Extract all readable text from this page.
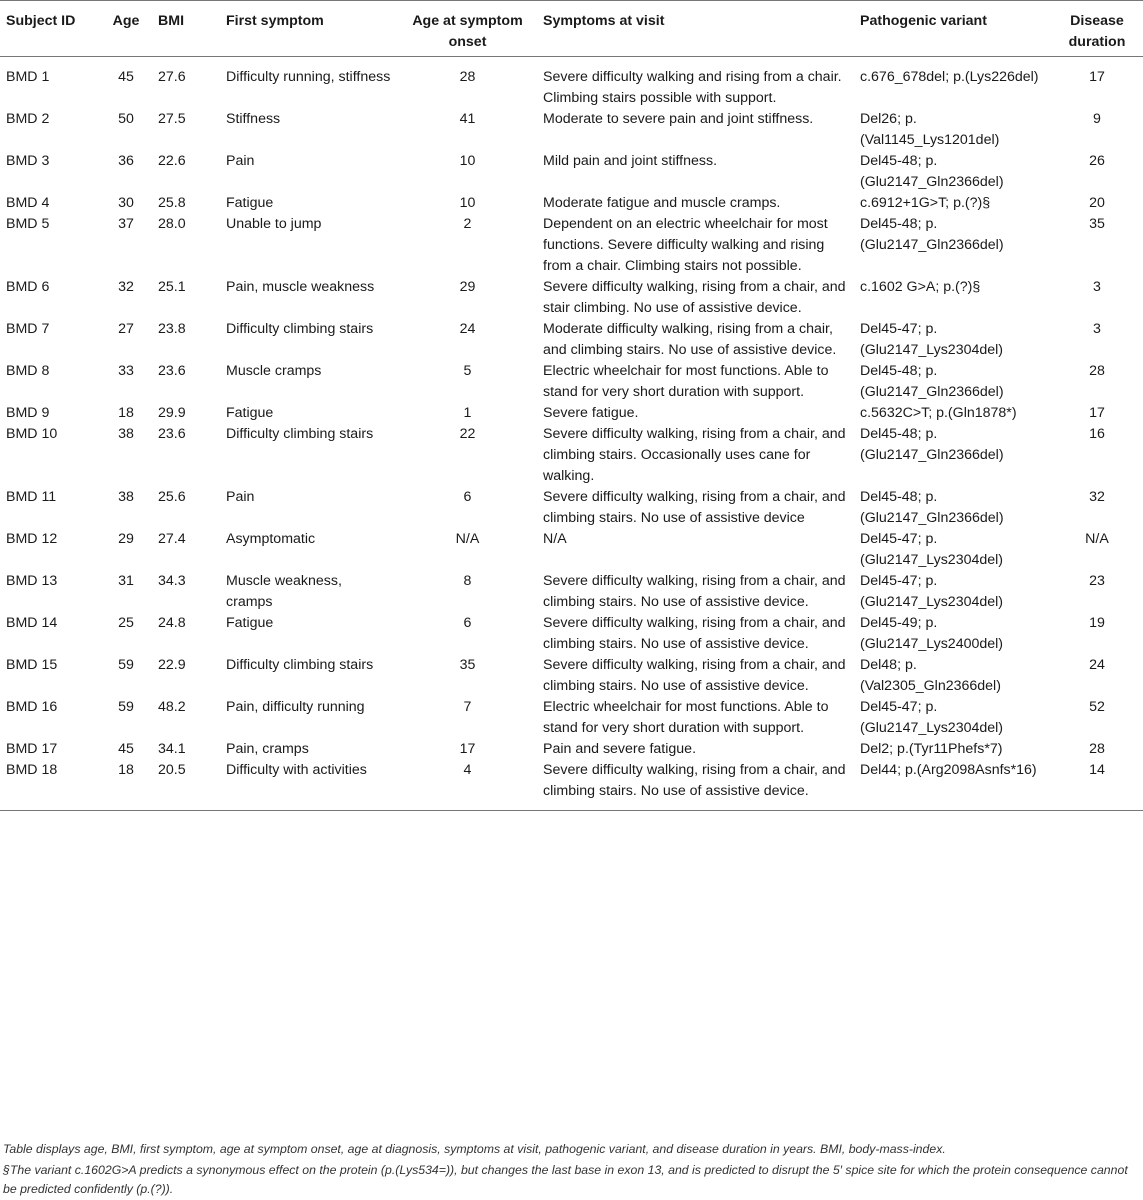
Subject ID	Age	BMI	First symptom	Age at symptom onset	Symptoms at visit	Pathogenic variant	Disease duration
BMD 1	45	27.6	Difficulty running, stiffness	28	Severe difficulty walking and rising from a chair. Climbing stairs possible with support.	c.676_678del; p.(Lys226del)	17
BMD 2	50	27.5	Stiffness	41	Moderate to severe pain and joint stiffness.	Del26; p.(Val1145_Lys1201del)	9
BMD 3	36	22.6	Pain	10	Mild pain and joint stiffness.	Del45-48; p.(Glu2147_Gln2366del)	26
BMD 4	30	25.8	Fatigue	10	Moderate fatigue and muscle cramps.	c.6912+1G>T; p.(?)§	20
BMD 5	37	28.0	Unable to jump	2	Dependent on an electric wheelchair for most functions. Severe difficulty walking and rising from a chair. Climbing stairs not possible.	Del45-48; p.(Glu2147_Gln2366del)	35
BMD 6	32	25.1	Pain, muscle weakness	29	Severe difficulty walking, rising from a chair, and stair climbing. No use of assistive device.	c.1602 G>A; p.(?)§	3
BMD 7	27	23.8	Difficulty climbing stairs	24	Moderate difficulty walking, rising from a chair, and climbing stairs. No use of assistive device.	Del45-47; p.(Glu2147_Lys2304del)	3
BMD 8	33	23.6	Muscle cramps	5	Electric wheelchair for most functions. Able to stand for very short duration with support.	Del45-48; p.(Glu2147_Gln2366del)	28
BMD 9	18	29.9	Fatigue	1	Severe fatigue.	c.5632C>T; p.(Gln1878*)	17
BMD 10	38	23.6	Difficulty climbing stairs	22	Severe difficulty walking, rising from a chair, and climbing stairs. Occasionally uses cane for walking.	Del45-48; p.(Glu2147_Gln2366del)	16
BMD 11	38	25.6	Pain	6	Severe difficulty walking, rising from a chair, and climbing stairs. No use of assistive device	Del45-48; p.(Glu2147_Gln2366del)	32
BMD 12	29	27.4	Asymptomatic	N/A	N/A	Del45-47; p.(Glu2147_Lys2304del)	N/A
BMD 13	31	34.3	Muscle weakness, cramps	8	Severe difficulty walking, rising from a chair, and climbing stairs. No use of assistive device.	Del45-47; p.(Glu2147_Lys2304del)	23
BMD 14	25	24.8	Fatigue	6	Severe difficulty walking, rising from a chair, and climbing stairs. No use of assistive device.	Del45-49; p.(Glu2147_Lys2400del)	19
BMD 15	59	22.9	Difficulty climbing stairs	35	Severe difficulty walking, rising from a chair, and climbing stairs. No use of assistive device.	Del48; p.(Val2305_Gln2366del)	24
BMD 16	59	48.2	Pain, difficulty running	7	Electric wheelchair for most functions. Able to stand for very short duration with support.	Del45-47; p.(Glu2147_Lys2304del)	52
BMD 17	45	34.1	Pain, cramps	17	Pain and severe fatigue.	Del2; p.(Tyr11Phefs*7)	28
BMD 18	18	20.5	Difficulty with activities	4	Severe difficulty walking, rising from a chair, and climbing stairs. No use of assistive device.	Del44; p.(Arg2098Asnfs*16)	14
Table displays age, BMI, first symptom, age at symptom onset, age at diagnosis, symptoms at visit, pathogenic variant, and disease duration in years. BMI, body-mass-index.
§The variant c.1602G>A predicts a synonymous effect on the protein (p.(Lys534=)), but changes the last base in exon 13, and is predicted to disrupt the 5′ spice site for which the protein consequence cannot be predicted confidently (p.(?)).
